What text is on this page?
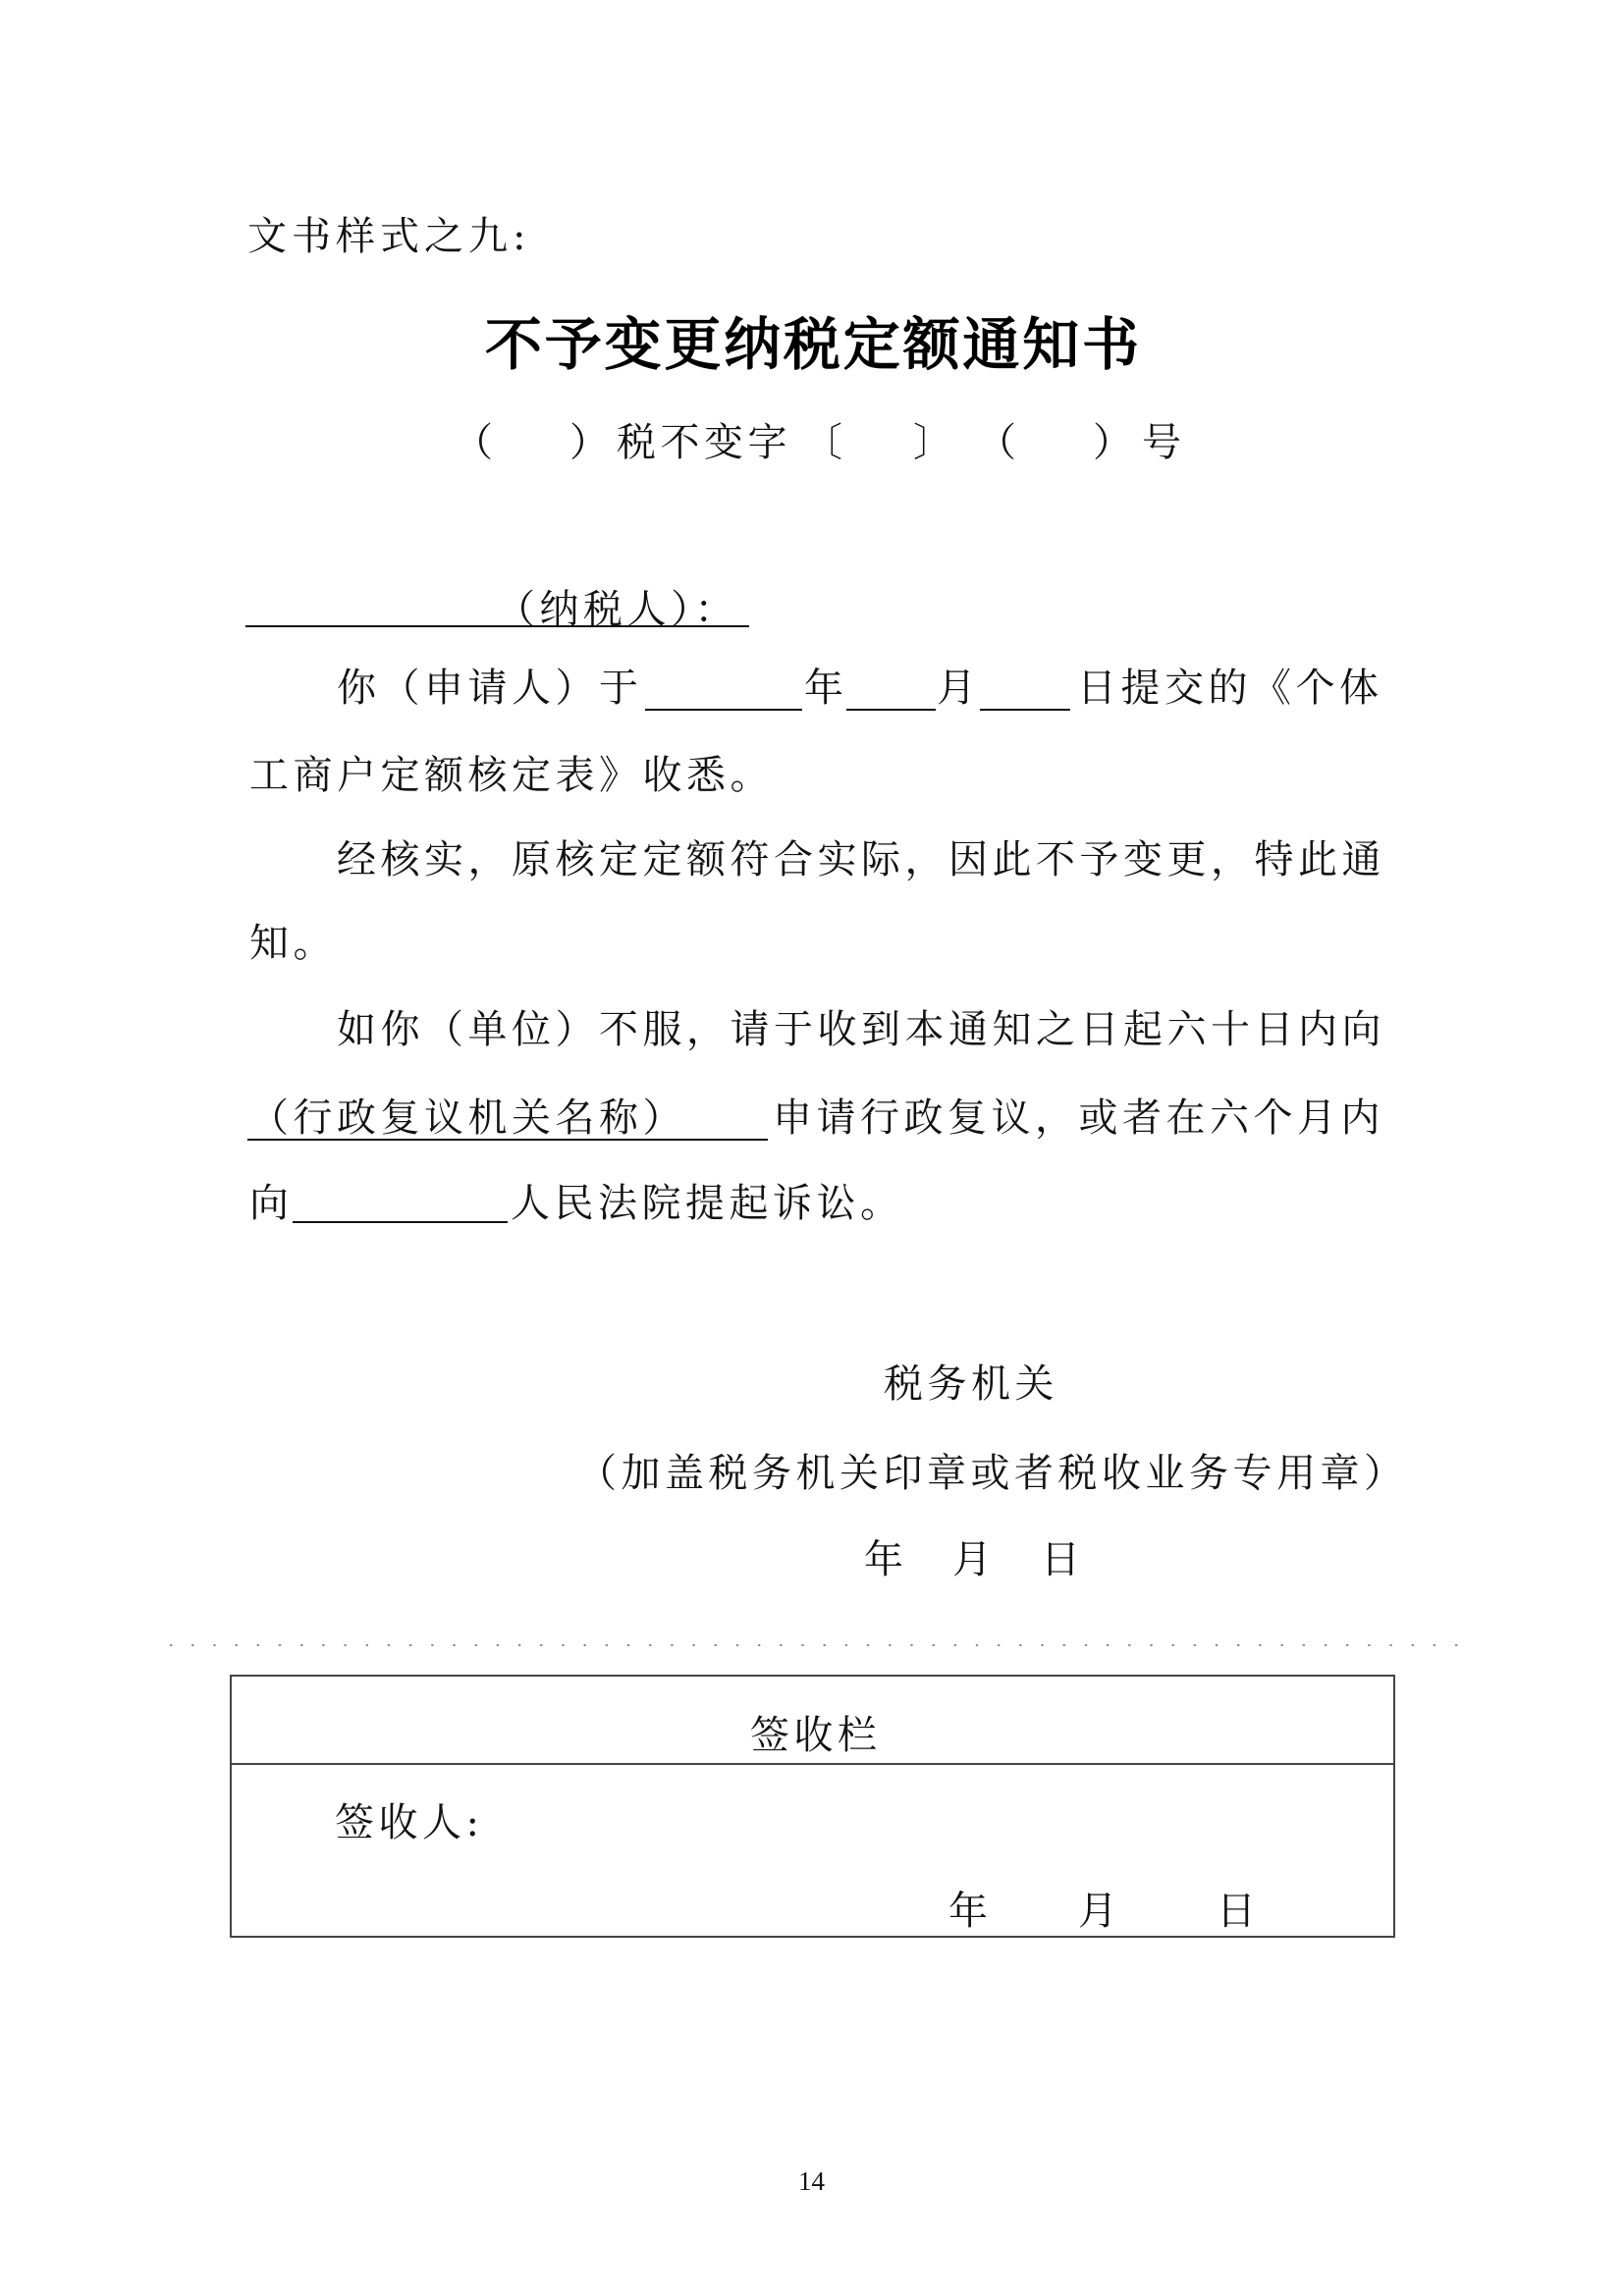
文书样式之九:
不予变更纳税定额通知书
（ ） 税不变字 〔 〕 （ ） 号
（纳税人）：
你（申请人）于	年 月 日提交的《个体
工商户定额核定表》收悉。
经核实，原核定定额符合实际，因此不予变更，特此通
知。
如你（单位）不服，请于收到本通知之日起六十日内向
（行政复议机关名称） 申请行政复议，或者在六个月内
向	人民法院提起诉讼。
税务机关
（加盖税务机关印章或者税收业务专用章）
年 月 日
签收栏
签收人:
年 月 日
14
